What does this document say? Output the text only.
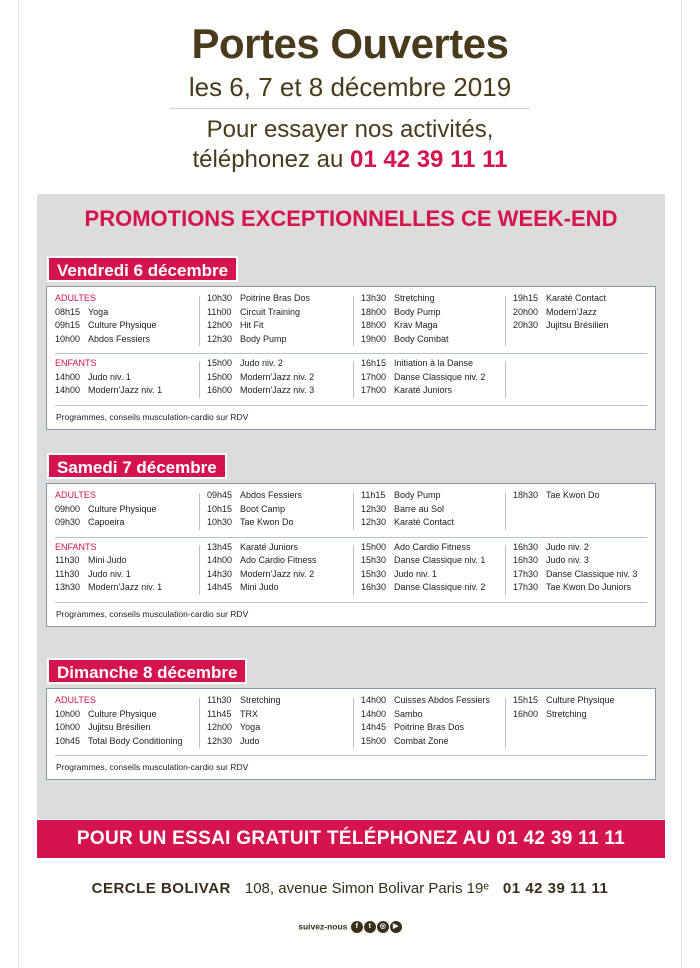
Portes Ouvertes
les 6, 7 et 8 décembre 2019
Pour essayer nos activités,
téléphonez au 01 42 39 11 11
PROMOTIONS EXCEPTIONNELLES CE WEEK-END
Vendredi 6 décembre
ADULTES
08h15 Yoga
09h15 Culture Physique
10h00 Abdos Fessiers
10h30 Poitrine Bras Dos
11h00 Circuit Training
12h00 Hit Fit
12h30 Body Pump
13h30 Stretching
18h00 Body Pump
18h00 Krav Maga
19h00 Body Combat
19h15 Karaté Contact
20h00 Modern'Jazz
20h30 Jujitsu Brésilien
ENFANTS
14h00 Judo niv. 1
14h00 Modern'Jazz niv. 1
15h00 Judo niv. 2
15h00 Modern'Jazz niv. 2
16h00 Modern'Jazz niv. 3
16h15 Initiation à la Danse
17h00 Danse Classique niv. 2
17h00 Karaté Juniors
Programmes, conseils musculation-cardio sur RDV
Samedi 7 décembre
ADULTES
09h00 Culture Physique
09h30 Capoeira
09h45 Abdos Fessiers
10h15 Boot Camp
10h30 Tae Kwon Do
11h15 Body Pump
12h30 Barre au Sol
12h30 Karaté Contact
18h30 Tae Kwon Do
ENFANTS
11h30 Mini Judo
11h30 Judo niv. 1
13h30 Modern'Jazz niv. 1
13h45 Karaté Juniors
14h00 Ado Cardio Fitness
14h30 Modern'Jazz niv. 2
14h45 Mini Judo
15h00 Ado Cardio Fitness
15h30 Danse Classique niv. 1
15h30 Judo niv. 1
16h30 Danse Classique niv. 2
16h30 Judo niv. 2
16h30 Judo niv. 3
17h30 Danse Classique niv. 3
17h30 Tae Kwon Do Juniors
Programmes, conseils musculation-cardio sur RDV
Dimanche 8 décembre
ADULTES
10h00 Culture Physique
10h00 Jujitsu Brésilien
10h45 Total Body Conditioning
11h30 Stretching
11h45 TRX
12h00 Yoga
12h30 Judo
14h00 Cuisses Abdos Fessiers
14h00 Sambo
14h45 Poitrine Bras Dos
15h00 Combat Zone
15h15 Culture Physique
16h00 Stretching
Programmes, conseils musculation-cardio sur RDV
POUR UN ESSAI GRATUIT TÉLÉPHONEZ AU 01 42 39 11 11
CERCLE BOLIVAR 108, avenue Simon Bolivar Paris 19ᵉ 01 42 39 11 11
suivez-nous f t ◎ ▶
